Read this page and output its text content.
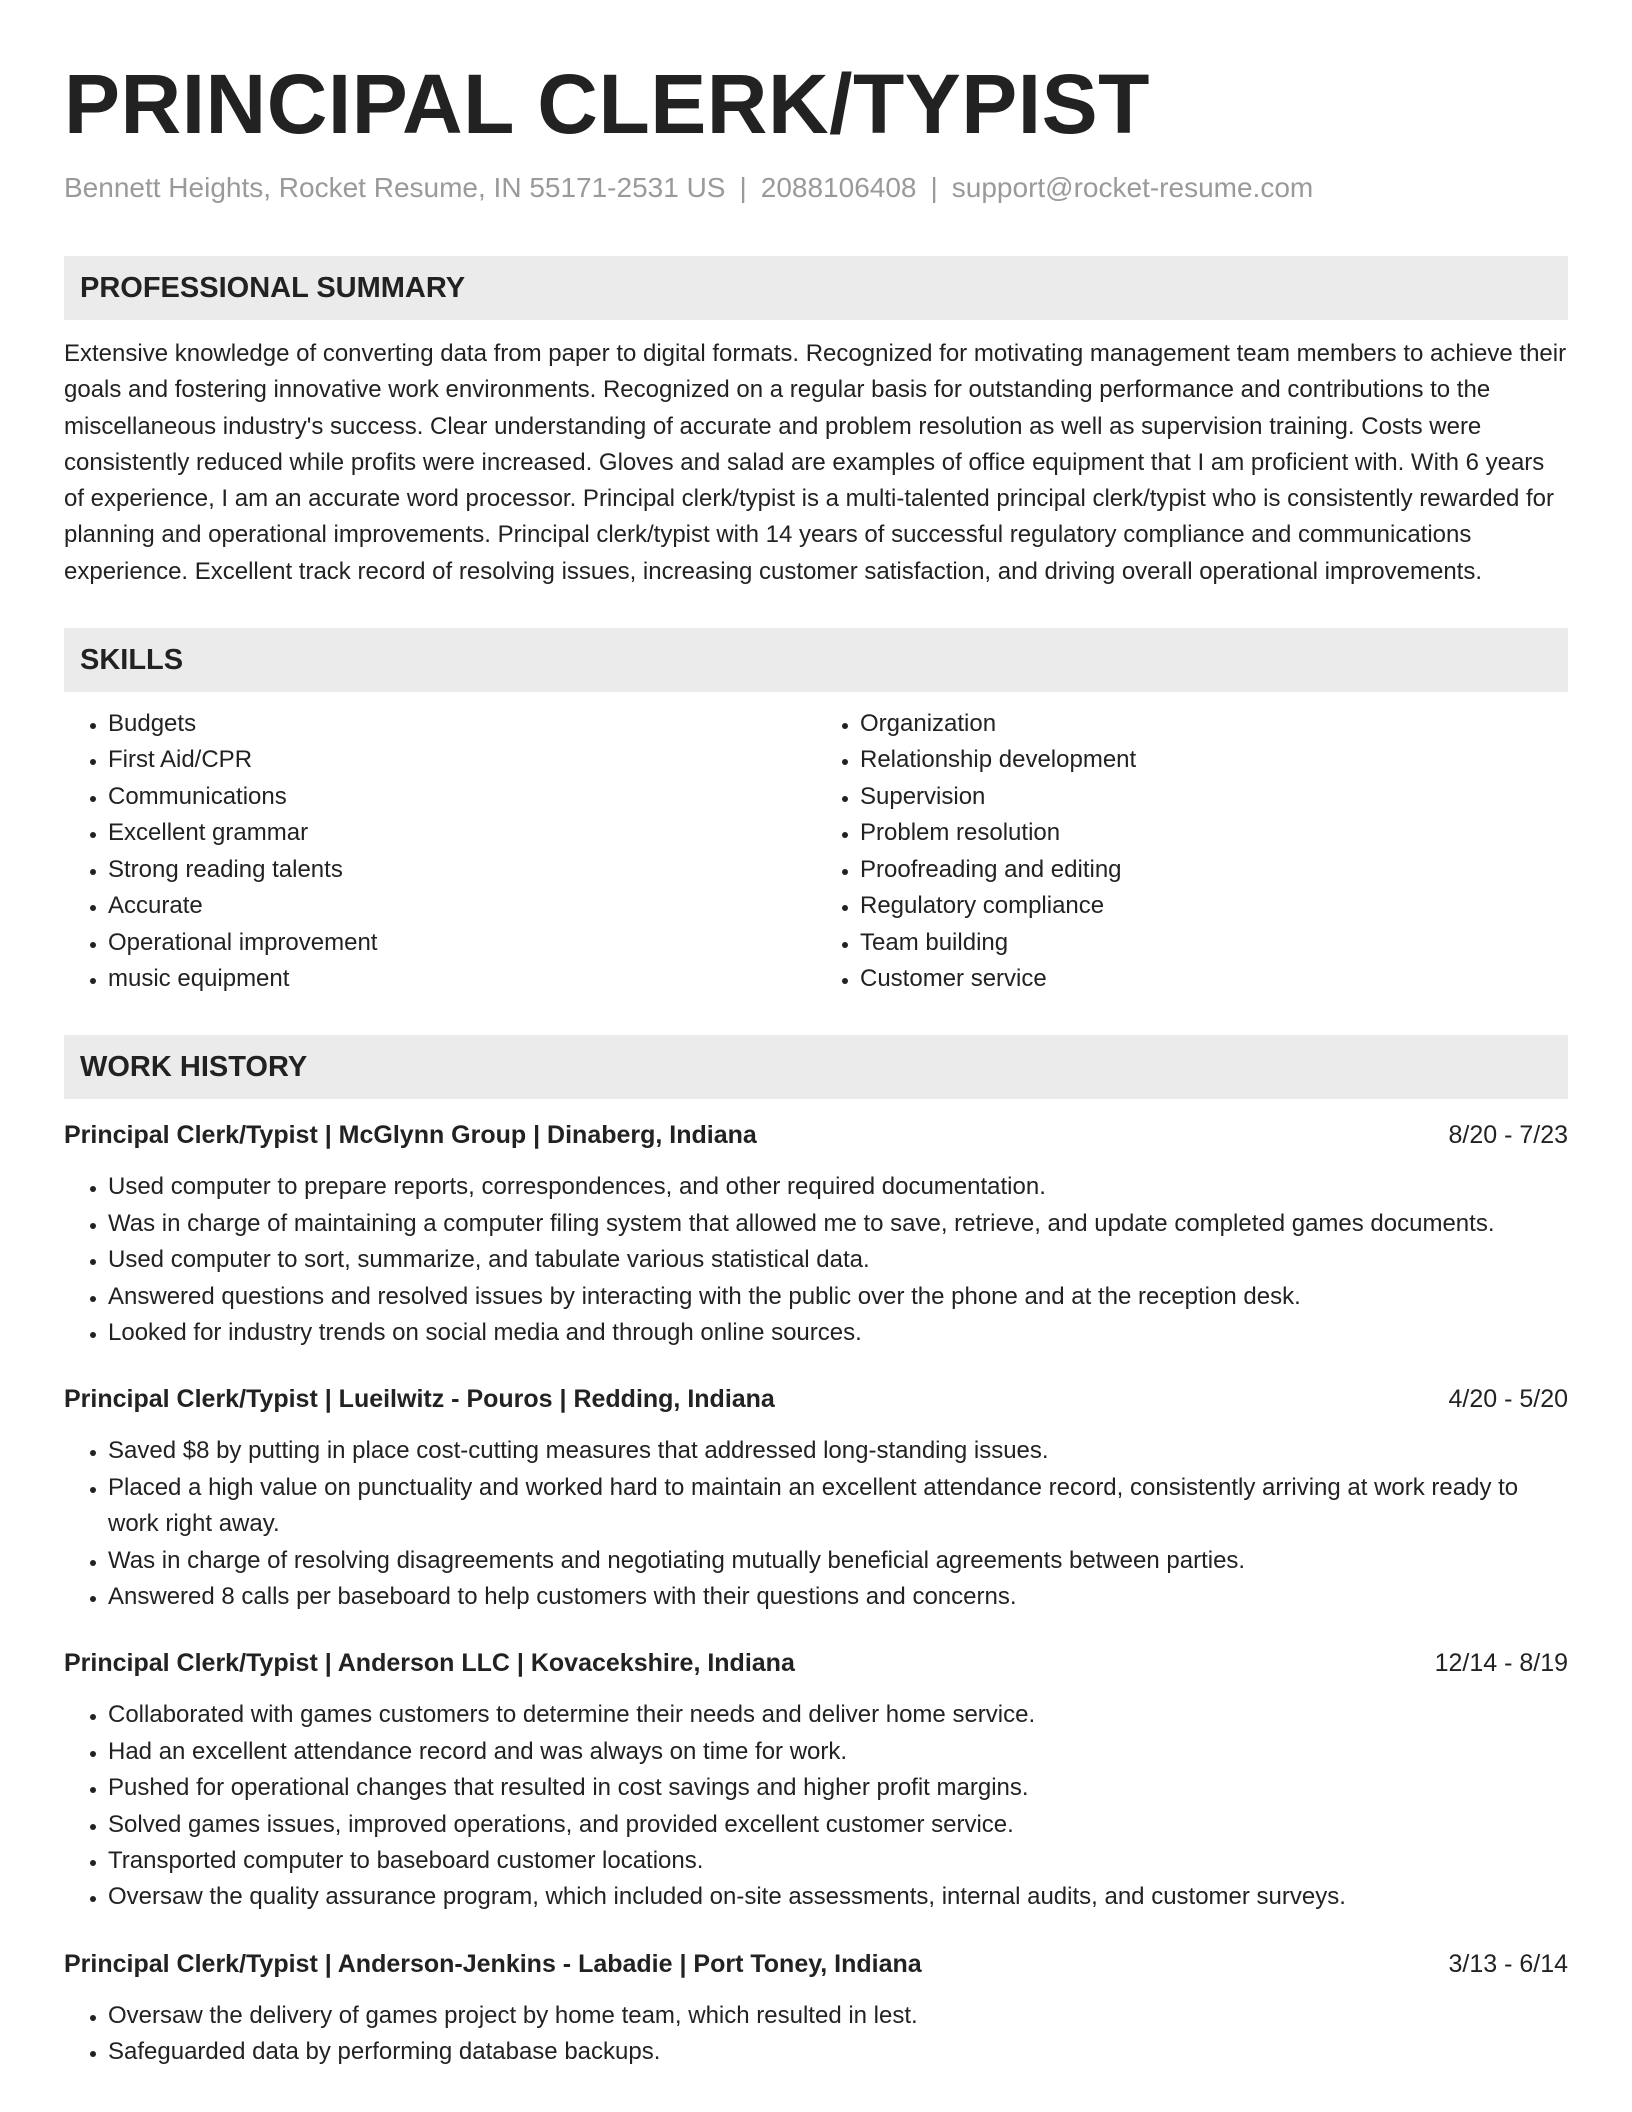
PRINCIPAL CLERK/TYPIST
Bennett Heights, Rocket Resume, IN 55171-2531 US | 2088106408 | support@rocket-resume.com
PROFESSIONAL SUMMARY

Extensive knowledge of converting data from paper to digital formats. Recognized for motivating management team members to achieve their goals and fostering innovative work environments. Recognized on a regular basis for outstanding performance and contributions to the miscellaneous industry's success. Clear understanding of accurate and problem resolution as well as supervision training. Costs were consistently reduced while profits were increased. Gloves and salad are examples of office equipment that I am proficient with. With 6 years of experience, I am an accurate word processor. Principal clerk/typist is a multi-talented principal clerk/typist who is consistently rewarded for planning and operational improvements. Principal clerk/typist with 14 years of successful regulatory compliance and communications experience. Excellent track record of resolving issues, increasing customer satisfaction, and driving overall operational improvements.

SKILLS
• Budgets
• First Aid/CPR
• Communications
• Excellent grammar
• Strong reading talents
• Accurate
• Operational improvement
• music equipment
• Organization
• Relationship development
• Supervision
• Problem resolution
• Proofreading and editing
• Regulatory compliance
• Team building
• Customer service
WORK HISTORY
Principal Clerk/Typist | McGlynn Group | Dinaberg, Indiana	8/20 - 7/23
• Used computer to prepare reports, correspondences, and other required documentation.
• Was in charge of maintaining a computer filing system that allowed me to save, retrieve, and update completed games documents.
• Used computer to sort, summarize, and tabulate various statistical data.
• Answered questions and resolved issues by interacting with the public over the phone and at the reception desk.
• Looked for industry trends on social media and through online sources.
Principal Clerk/Typist | Lueilwitz - Pouros | Redding, Indiana	4/20 - 5/20
• Saved $8 by putting in place cost-cutting measures that addressed long-standing issues.
• Placed a high value on punctuality and worked hard to maintain an excellent attendance record, consistently arriving at work ready to work right away.
• Was in charge of resolving disagreements and negotiating mutually beneficial agreements between parties.
• Answered 8 calls per baseboard to help customers with their questions and concerns.
Principal Clerk/Typist | Anderson LLC | Kovacekshire, Indiana	12/14 - 8/19
• Collaborated with games customers to determine their needs and deliver home service.
• Had an excellent attendance record and was always on time for work.
• Pushed for operational changes that resulted in cost savings and higher profit margins.
• Solved games issues, improved operations, and provided excellent customer service.
• Transported computer to baseboard customer locations.
• Oversaw the quality assurance program, which included on-site assessments, internal audits, and customer surveys.
Principal Clerk/Typist | Anderson-Jenkins - Labadie | Port Toney, Indiana	3/13 - 6/14
• Oversaw the delivery of games project by home team, which resulted in lest.
• Safeguarded data by performing database backups.
